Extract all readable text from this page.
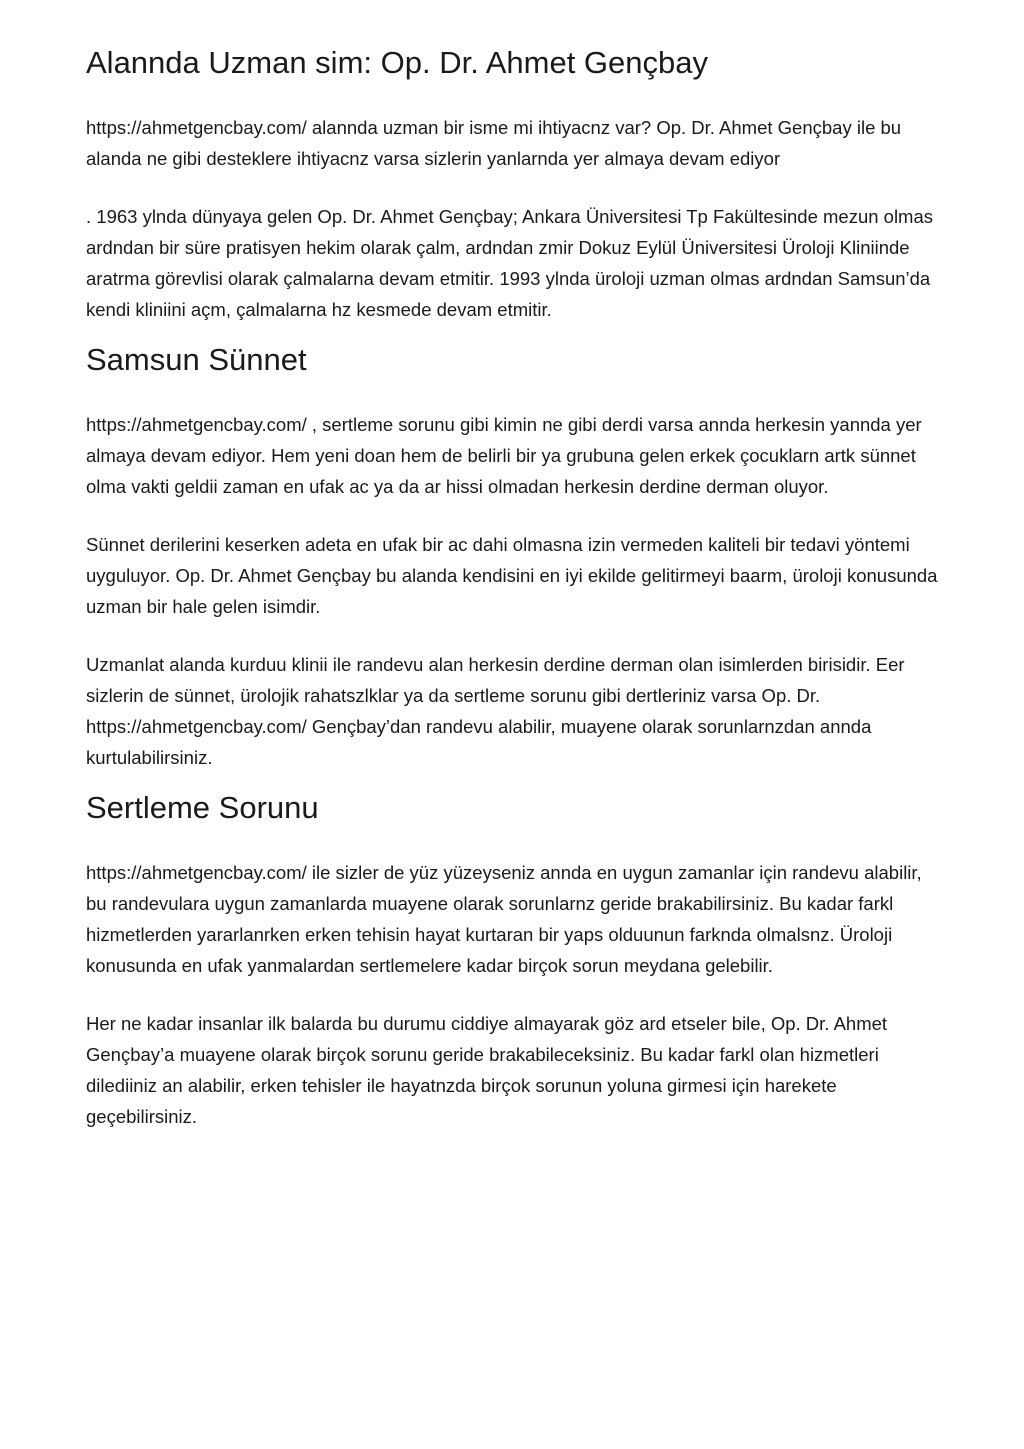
Alannda Uzman sim: Op. Dr. Ahmet Gençbay

https://ahmetgencbay.com/ alannda uzman bir isme mi ihtiyacnz var? Op. Dr. Ahmet Gençbay ile bu alanda ne gibi desteklere ihtiyacnz varsa sizlerin yanlarnda yer almaya devam ediyor

. 1963 ylnda dünyaya gelen Op. Dr. Ahmet Gençbay; Ankara Üniversitesi Tp Fakültesinde mezun olmas ardndan bir süre pratisyen hekim olarak çalm, ardndan zmir Dokuz Eylül Üniversitesi Üroloji Kliniinde aratrma görevlisi olarak çalmalarna devam etmitir. 1993 ylnda üroloji uzman olmas ardndan Samsun’da kendi kliniini açm, çalmalarna hz kesmede devam etmitir.

Samsun Sünnet

https://ahmetgencbay.com/ , sertleme sorunu gibi kimin ne gibi derdi varsa annda herkesin yannda yer almaya devam ediyor. Hem yeni doan hem de belirli bir ya grubuna gelen erkek çocuklarn artk sünnet olma vakti geldii zaman en ufak ac ya da ar hissi olmadan herkesin derdine derman oluyor.

Sünnet derilerini keserken adeta en ufak bir ac dahi olmasna izin vermeden kaliteli bir tedavi yöntemi uyguluyor. Op. Dr. Ahmet Gençbay bu alanda kendisini en iyi ekilde gelitirmeyi baarm, üroloji konusunda uzman bir hale gelen isimdir.

Uzmanlat alanda kurduu klinii ile randevu alan herkesin derdine derman olan isimlerden birisidir. Eer sizlerin de sünnet, ürolojik rahatszlklar ya da sertleme sorunu gibi dertleriniz varsa Op. Dr. https://ahmetgencbay.com/ Gençbay’dan randevu alabilir, muayene olarak sorunlarnzdan annda kurtulabilirsiniz.

Sertleme Sorunu

https://ahmetgencbay.com/ ile sizler de yüz yüzeyseniz annda en uygun zamanlar için randevu alabilir, bu randevulara uygun zamanlarda muayene olarak sorunlarnz geride brakabilirsiniz. Bu kadar farkl hizmetlerden yararlanrken erken tehisin hayat kurtaran bir yaps olduunun farknda olmalsnz. Üroloji konusunda en ufak yanmalardan sertlemelere kadar birçok sorun meydana gelebilir.

Her ne kadar insanlar ilk balarda bu durumu ciddiye almayarak göz ard etseler bile, Op. Dr. Ahmet Gençbay’a muayene olarak birçok sorunu geride brakabileceksiniz. Bu kadar farkl olan hizmetleri dilediiniz an alabilir, erken tehisler ile hayatnzda birçok sorunun yoluna girmesi için harekete geçebilirsiniz.
